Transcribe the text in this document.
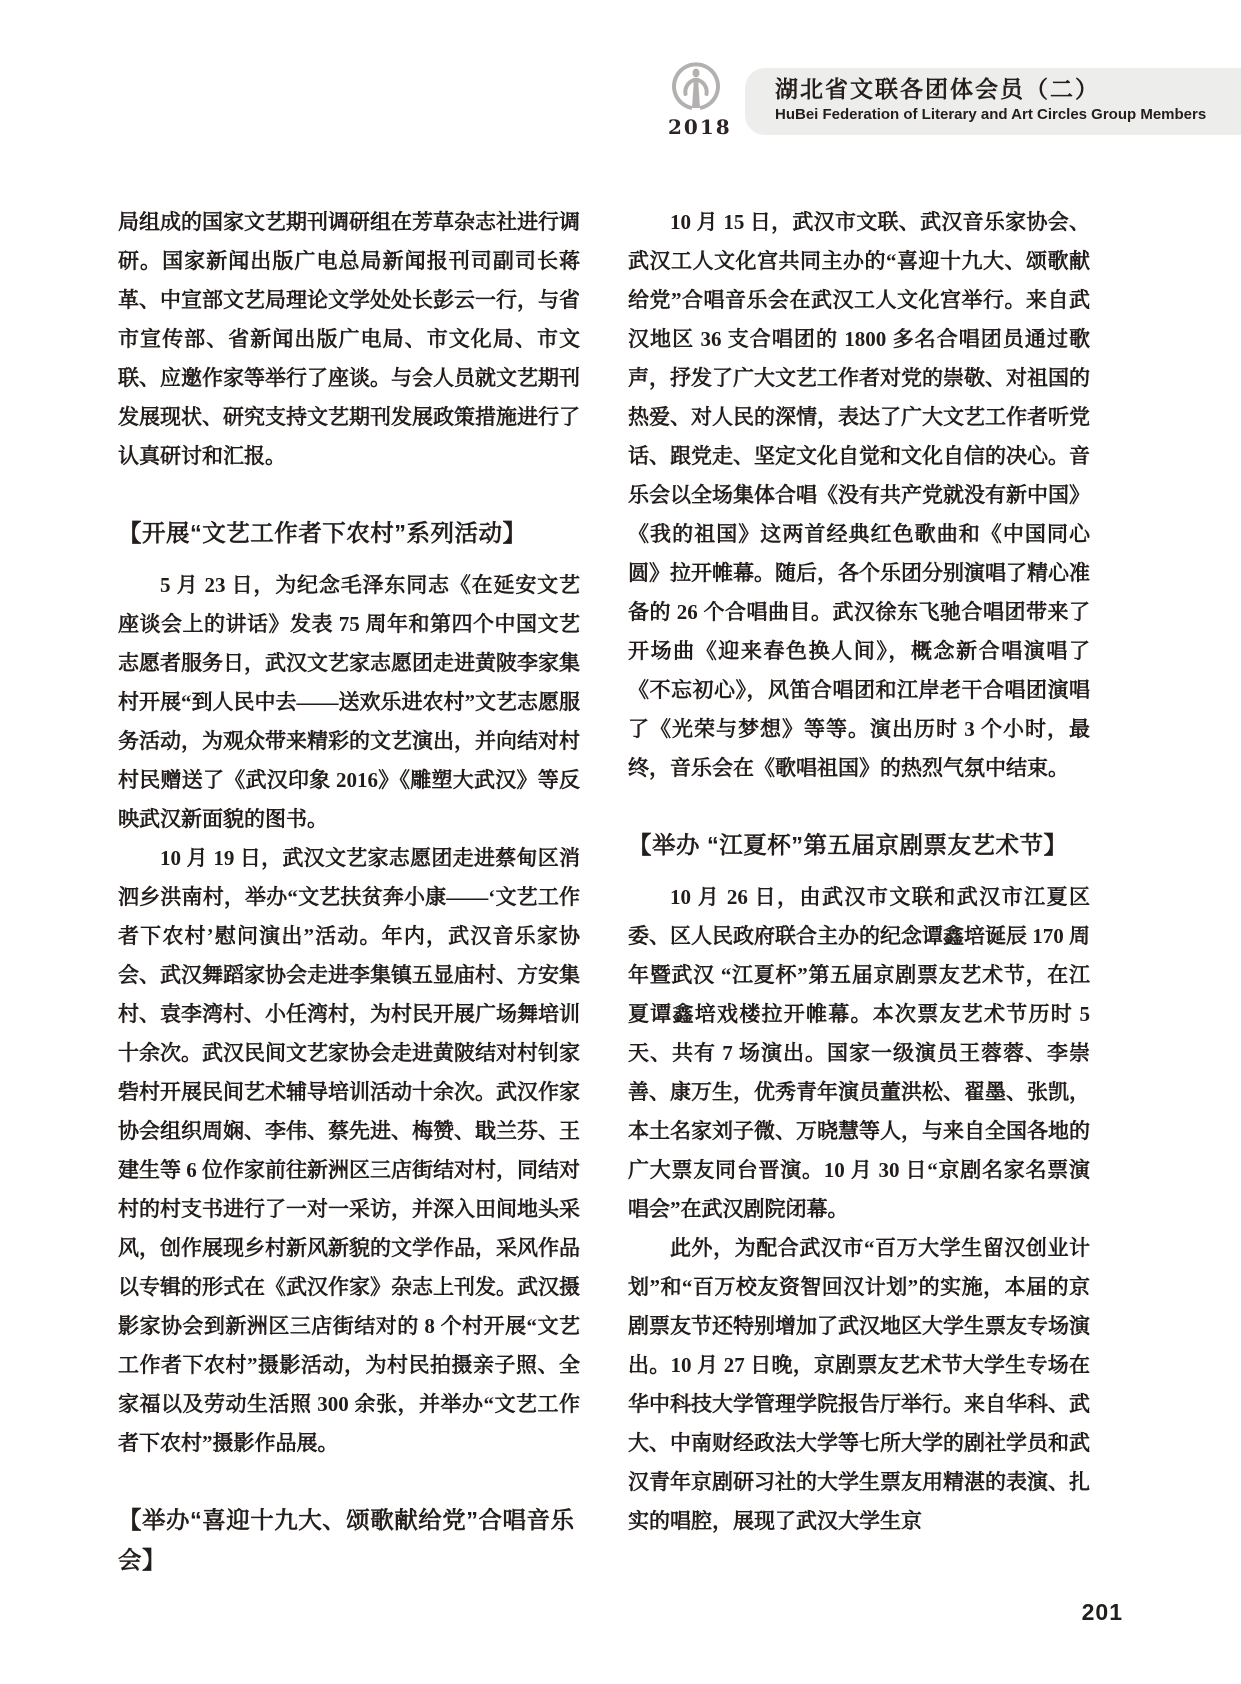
2018
湖北省文联各团体会员（二）
HuBei Federation of Literary and Art Circles Group Members

局组成的国家文艺期刊调研组在芳草杂志社进行调研。国家新闻出版广电总局新闻报刊司副司长蒋革、中宣部文艺局理论文学处处长彭云一行，与省市宣传部、省新闻出版广电局、市文化局、市文联、应邀作家等举行了座谈。与会人员就文艺期刊发展现状、研究支持文艺期刊发展政策措施进行了认真研讨和汇报。

【开展“文艺工作者下农村”系列活动】

5 月 23 日，为纪念毛泽东同志《在延安文艺座谈会上的讲话》发表 75 周年和第四个中国文艺志愿者服务日，武汉文艺家志愿团走进黄陂李家集村开展“到人民中去——送欢乐进农村”文艺志愿服务活动，为观众带来精彩的文艺演出，并向结对村村民赠送了《武汉印象 2016》《雕塑大武汉》等反映武汉新面貌的图书。

10 月 19 日，武汉文艺家志愿团走进蔡甸区消泗乡洪南村，举办“文艺扶贫奔小康——‘文艺工作者下农村’慰问演出”活动。年内，武汉音乐家协会、武汉舞蹈家协会走进李集镇五显庙村、方安集村、袁李湾村、小任湾村，为村民开展广场舞培训十余次。武汉民间文艺家协会走进黄陂结对村钊家砦村开展民间艺术辅导培训活动十余次。武汉作家协会组织周娴、李伟、蔡先进、梅赞、戢兰芬、王建生等 6 位作家前往新洲区三店街结对村，同结对村的村支书进行了一对一采访，并深入田间地头采风，创作展现乡村新风新貌的文学作品，采风作品以专辑的形式在《武汉作家》杂志上刊发。武汉摄影家协会到新洲区三店街结对的 8 个村开展“文艺工作者下农村”摄影活动，为村民拍摄亲子照、全家福以及劳动生活照 300 余张，并举办“文艺工作者下农村”摄影作品展。

【举办“喜迎十九大、颂歌献给党”合唱音乐会】

10 月 15 日，武汉市文联、武汉音乐家协会、武汉工人文化宫共同主办的“喜迎十九大、颂歌献给党”合唱音乐会在武汉工人文化宫举行。来自武汉地区 36 支合唱团的 1800 多名合唱团员通过歌声，抒发了广大文艺工作者对党的崇敬、对祖国的热爱、对人民的深情，表达了广大文艺工作者听党话、跟党走、坚定文化自觉和文化自信的决心。音乐会以全场集体合唱《没有共产党就没有新中国》《我的祖国》这两首经典红色歌曲和《中国同心圆》拉开帷幕。随后，各个乐团分别演唱了精心准备的 26 个合唱曲目。武汉徐东飞驰合唱团带来了开场曲《迎来春色换人间》，概念新合唱演唱了《不忘初心》，风笛合唱团和江岸老干合唱团演唱了《光荣与梦想》等等。演出历时 3 个小时，最终，音乐会在《歌唱祖国》的热烈气氛中结束。

【举办 “江夏杯”第五届京剧票友艺术节】

10 月 26 日，由武汉市文联和武汉市江夏区委、区人民政府联合主办的纪念谭鑫培诞辰 170 周年暨武汉 “江夏杯”第五届京剧票友艺术节，在江夏谭鑫培戏楼拉开帷幕。本次票友艺术节历时 5 天、共有 7 场演出。国家一级演员王蓉蓉、李崇善、康万生，优秀青年演员董洪松、翟墨、张凯，本土名家刘子微、万晓慧等人，与来自全国各地的广大票友同台晋演。10 月 30 日“京剧名家名票演唱会”在武汉剧院闭幕。

此外，为配合武汉市“百万大学生留汉创业计划”和“百万校友资智回汉计划”的实施，本届的京剧票友节还特别增加了武汉地区大学生票友专场演出。10 月 27 日晚，京剧票友艺术节大学生专场在华中科技大学管理学院报告厅举行。来自华科、武大、中南财经政法大学等七所大学的剧社学员和武汉青年京剧研习社的大学生票友用精湛的表演、扎实的唱腔，展现了武汉大学生京

201
